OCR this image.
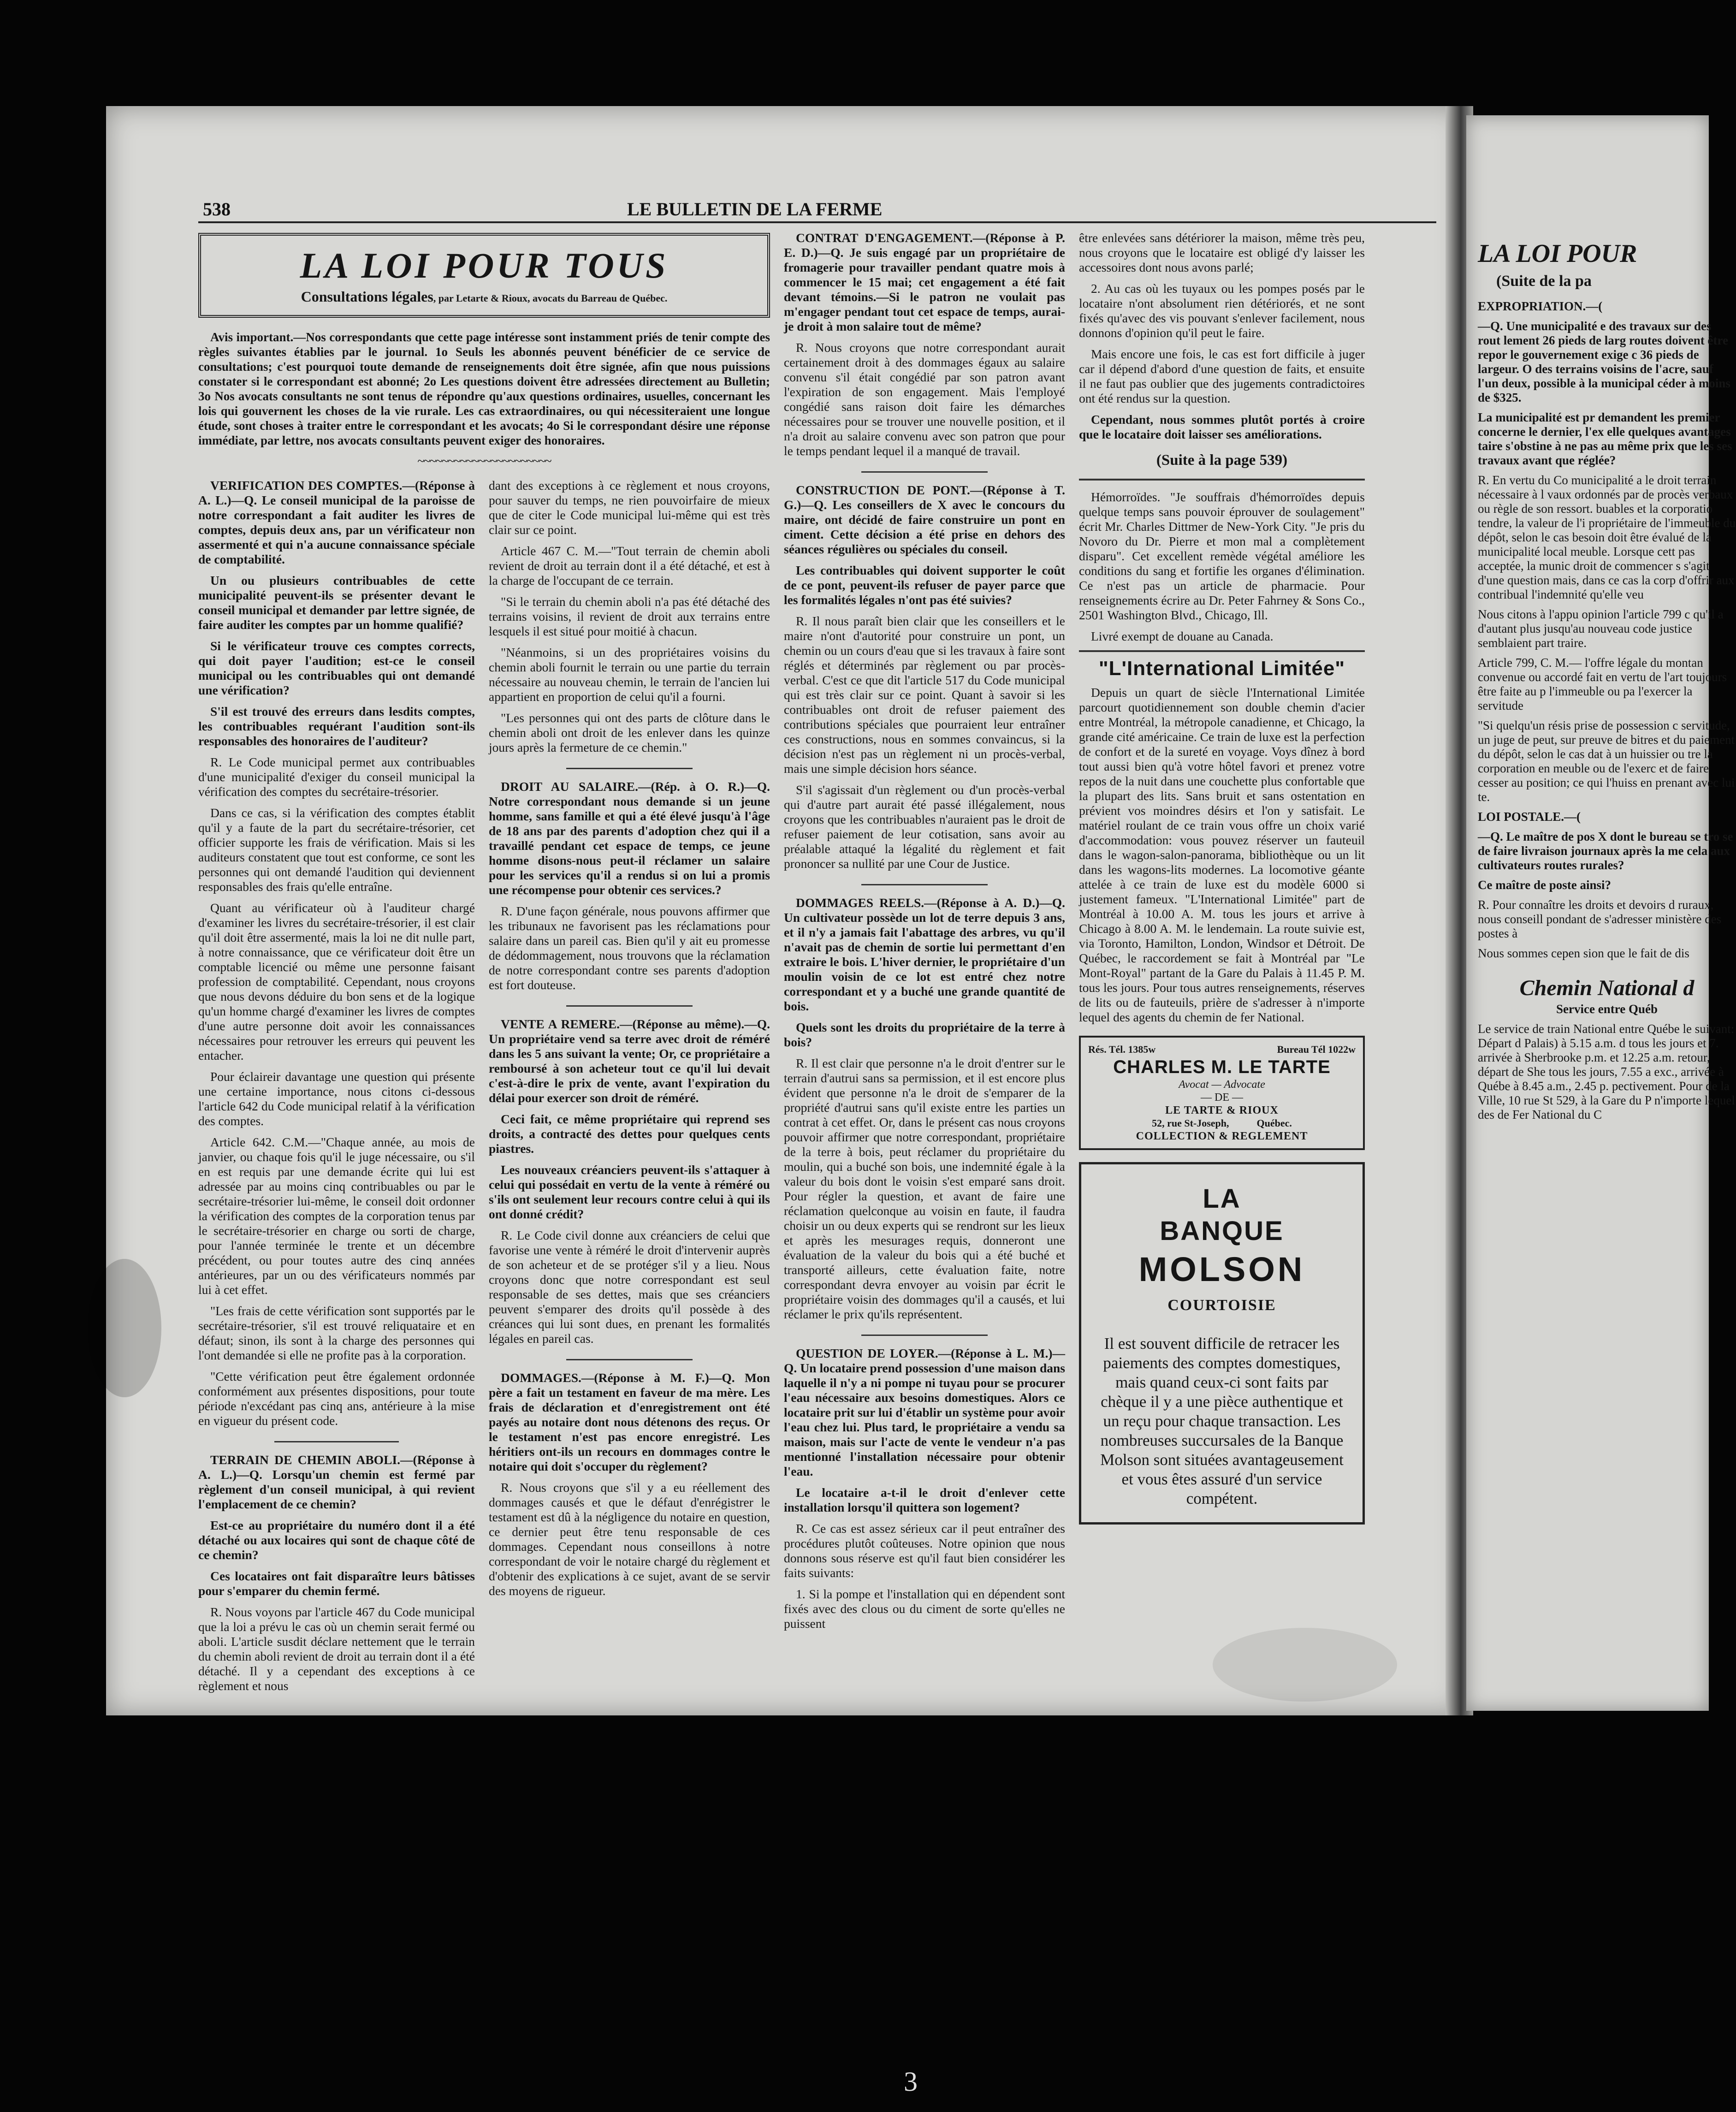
538	LE BULLETIN DE LA FERME
LA LOI POUR TOUS
Consultations légales, par Letarte & Rioux, avocats du Barreau de Québec.

Avis important.—Nos correspondants que cette page intéresse sont instamment priés de tenir compte des règles suivantes établies par le journal. 1o Seuls les abonnés peuvent bénéficier de ce service de consultations; c'est pourquoi toute demande de renseignements doit être signée, afin que nous puissions constater si le correspondant est abonné; 2o Les questions doivent être adressées directement au Bulletin; 3o Nos avocats consultants ne sont tenus de répondre qu'aux questions ordinaires, usuelles, concernant les lois qui gouvernent les choses de la vie rurale. Les cas extraordinaires, ou qui nécessiteraient une longue étude, sont choses à traiter entre le correspondant et les avocats; 4o Si le correspondant désire une réponse immédiate, par lettre, nos avocats consultants peuvent exiger des honoraires.

~~~~~~~~~~~~~~~~~~~~~~

VERIFICATION DES COMPTES.—(Réponse à A. L.)—Q. Le conseil municipal de la paroisse de notre correspondant a fait auditer les livres de comptes, depuis deux ans, par un vérificateur non assermenté et qui n'a aucune connaissance spéciale de comptabilité.

Un ou plusieurs contribuables de cette municipalité peuvent-ils se présenter devant le conseil municipal et demander par lettre signée, de faire auditer les comptes par un homme qualifié?

Si le vérificateur trouve ces comptes corrects, qui doit payer l'audition; est-ce le conseil municipal ou les contribuables qui ont demandé une vérification?

S'il est trouvé des erreurs dans lesdits comptes, les contribuables requérant l'audition sont-ils responsables des honoraires de l'auditeur?

R. Le Code municipal permet aux contribuables d'une municipalité d'exiger du conseil municipal la vérification des comptes du secrétaire-trésorier.

Dans ce cas, si la vérification des comptes établit qu'il y a faute de la part du secrétaire-trésorier, cet officier supporte les frais de vérification. Mais si les auditeurs constatent que tout est conforme, ce sont les personnes qui ont demandé l'audition qui deviennent responsables des frais qu'elle entraîne.

Quant au vérificateur où à l'auditeur chargé d'examiner les livres du secrétaire-trésorier, il est clair qu'il doit être assermenté, mais la loi ne dit nulle part, à notre connaissance, que ce vérificateur doit être un comptable licencié ou même une personne faisant profession de comptabilité. Cependant, nous croyons que nous devons déduire du bon sens et de la logique qu'un homme chargé d'examiner les livres de comptes d'une autre personne doit avoir les connaissances nécessaires pour retrouver les erreurs qui peuvent les entacher.

Pour éclaireir davantage une question qui présente une certaine importance, nous citons ci-dessous l'article 642 du Code municipal relatif à la vérification des comptes.

Article 642. C.M.—"Chaque année, au mois de janvier, ou chaque fois qu'il le juge nécessaire, ou s'il en est requis par une demande écrite qui lui est adressée par au moins cinq contribuables ou par le secrétaire-trésorier lui-même, le conseil doit ordonner la vérification des comptes de la corporation tenus par le secrétaire-trésorier en charge ou sorti de charge, pour l'année terminée le trente et un décembre précédent, ou pour toutes autre des cinq années antérieures, par un ou des vérificateurs nommés par lui à cet effet.

"Les frais de cette vérification sont supportés par le secrétaire-trésorier, s'il est trouvé reliquataire et en défaut; sinon, ils sont à la charge des personnes qui l'ont demandée si elle ne profite pas à la corporation.

"Cette vérification peut être également ordonnée conformément aux présentes dispositions, pour toute période n'excédant pas cinq ans, antérieure à la mise en vigueur du présent code.

TERRAIN DE CHEMIN ABOLI.—(Réponse à A. L.)—Q. Lorsqu'un chemin est fermé par règlement d'un conseil municipal, à qui revient l'emplacement de ce chemin?

Est-ce au propriétaire du numéro dont il a été détaché ou aux locaires qui sont de chaque côté de ce chemin?

Ces locataires ont fait disparaître leurs bâtisses pour s'emparer du chemin fermé.

R. Nous voyons par l'article 467 du Code municipal que la loi a prévu le cas où un chemin serait fermé ou aboli. L'article susdit déclare nettement que le terrain du chemin aboli revient de droit au terrain dont il a été détaché. Il y a cependant des exceptions à ce règlement et nous

dant des exceptions à ce règlement et nous croyons, pour sauver du temps, ne rien pouvoirfaire de mieux que de citer le Code municipal lui-même qui est très clair sur ce point.

Article 467 C. M.—"Tout terrain de chemin aboli revient de droit au terrain dont il a été détaché, et est à la charge de l'occupant de ce terrain.

"Si le terrain du chemin aboli n'a pas été détaché des terrains voisins, il revient de droit aux terrains entre lesquels il est situé pour moitié à chacun.

"Néanmoins, si un des propriétaires voisins du chemin aboli fournit le terrain ou une partie du terrain nécessaire au nouveau chemin, le terrain de l'ancien lui appartient en proportion de celui qu'il a fourni.

"Les personnes qui ont des parts de clôture dans le chemin aboli ont droit de les enlever dans les quinze jours après la fermeture de ce chemin."

DROIT AU SALAIRE.—(Rép. à O. R.)—Q. Notre correspondant nous demande si un jeune homme, sans famille et qui a été élevé jusqu'à l'âge de 18 ans par des parents d'adoption chez qui il a travaillé pendant cet espace de temps, ce jeune homme disons-nous peut-il réclamer un salaire pour les services qu'il a rendus si on lui a promis une récompense pour obtenir ces services.?

R. D'une façon générale, nous pouvons affirmer que les tribunaux ne favorisent pas les réclamations pour salaire dans un pareil cas. Bien qu'il y ait eu promesse de dédommagement, nous trouvons que la réclamation de notre correspondant contre ses parents d'adoption est fort douteuse.

VENTE A REMERE.—(Réponse au même).—Q. Un propriétaire vend sa terre avec droit de réméré dans les 5 ans suivant la vente; Or, ce propriétaire a remboursé à son acheteur tout ce qu'il lui devait c'est-à-dire le prix de vente, avant l'expiration du délai pour exercer son droit de réméré.

Ceci fait, ce même propriétaire qui reprend ses droits, a contracté des dettes pour quelques cents piastres.

Les nouveaux créanciers peuvent-ils s'attaquer à celui qui possédait en vertu de la vente à réméré ou s'ils ont seulement leur recours contre celui à qui ils ont donné crédit?

R. Le Code civil donne aux créanciers de celui que favorise une vente à réméré le droit d'intervenir auprès de son acheteur et de se protéger s'il y a lieu. Nous croyons donc que notre correspondant est seul responsable de ses dettes, mais que ses créanciers peuvent s'emparer des droits qu'il possède à des créances qui lui sont dues, en prenant les formalités légales en pareil cas.

DOMMAGES.—(Réponse à M. F.)—Q. Mon père a fait un testament en faveur de ma mère. Les frais de déclaration et d'enregistrement ont été payés au notaire dont nous détenons des reçus. Or le testament n'est pas encore enregistré. Les héritiers ont-ils un recours en dommages contre le notaire qui doit s'occuper du règlement?

R. Nous croyons que s'il y a eu réellement des dommages causés et que le défaut d'enrégistrer le testament est dû à la négligence du notaire en question, ce dernier peut être tenu responsable de ces dommages. Cependant nous conseillons à notre correspondant de voir le notaire chargé du règlement et d'obtenir des explications à ce sujet, avant de se servir des moyens de rigueur.

CONTRAT D'ENGAGEMENT.—(Réponse à P. E. D.)—Q. Je suis engagé par un propriétaire de fromagerie pour travailler pendant quatre mois à commencer le 15 mai; cet engagement a été fait devant témoins.—Si le patron ne voulait pas m'engager pendant tout cet espace de temps, aurai-je droit à mon salaire tout de même?

R. Nous croyons que notre correspondant aurait certainement droit à des dommages égaux au salaire convenu s'il était congédié par son patron avant l'expiration de son engagement. Mais l'employé congédié sans raison doit faire les démarches nécessaires pour se trouver une nouvelle position, et il n'a droit au salaire convenu avec son patron que pour le temps pendant lequel il a manqué de travail.

CONSTRUCTION DE PONT.—(Réponse à T. G.)—Q. Les conseillers de X avec le concours du maire, ont décidé de faire construire un pont en ciment. Cette décision a été prise en dehors des séances régulières ou spéciales du conseil.

Les contribuables qui doivent supporter le coût de ce pont, peuvent-ils refuser de payer parce que les formalités légales n'ont pas été suivies?

R. Il nous paraît bien clair que les conseillers et le maire n'ont d'autorité pour construire un pont, un chemin ou un cours d'eau que si les travaux à faire sont réglés et déterminés par règlement ou par procès-verbal. C'est ce que dit l'article 517 du Code municipal qui est très clair sur ce point. Quant à savoir si les contribuables ont droit de refuser paiement des contributions spéciales que pourraient leur entraîner ces constructions, nous en sommes convaincus, si la décision n'est pas un règlement ni un procès-verbal, mais une simple décision hors séance.

S'il s'agissait d'un règlement ou d'un procès-verbal qui d'autre part aurait été passé illégalement, nous croyons que les contribuables n'auraient pas le droit de refuser paiement de leur cotisation, sans avoir au préalable attaqué la légalité du règlement et fait prononcer sa nullité par une Cour de Justice.

DOMMAGES REELS.—(Réponse à A. D.)—Q. Un cultivateur possède un lot de terre depuis 3 ans, et il n'y a jamais fait l'abattage des arbres, vu qu'il n'avait pas de chemin de sortie lui permettant d'en extraire le bois. L'hiver dernier, le propriétaire d'un moulin voisin de ce lot est entré chez notre correspondant et y a buché une grande quantité de bois.

Quels sont les droits du propriétaire de la terre à bois?

R. Il est clair que personne n'a le droit d'entrer sur le terrain d'autrui sans sa permission, et il est encore plus évident que personne n'a le droit de s'emparer de la propriété d'autrui sans qu'il existe entre les parties un contrat à cet effet. Or, dans le présent cas nous croyons pouvoir affirmer que notre correspondant, propriétaire de la terre à bois, peut réclamer du propriétaire du moulin, qui a buché son bois, une indemnité égale à la valeur du bois dont le voisin s'est emparé sans droit. Pour régler la question, et avant de faire une réclamation quelconque au voisin en faute, il faudra choisir un ou deux experts qui se rendront sur les lieux et après les mesurages requis, donneront une évaluation de la valeur du bois qui a été buché et transporté ailleurs, cette évaluation faite, notre correspondant devra envoyer au voisin par écrit le propriétaire voisin des dommages qu'il a causés, et lui réclamer le prix qu'ils représentent.

QUESTION DE LOYER.—(Réponse à L. M.)—Q. Un locataire prend possession d'une maison dans laquelle il n'y a ni pompe ni tuyau pour se procurer l'eau nécessaire aux besoins domestiques. Alors ce locataire prit sur lui d'établir un système pour avoir l'eau chez lui. Plus tard, le propriétaire a vendu sa maison, mais sur l'acte de vente le vendeur n'a pas mentionné l'installation nécessaire pour obtenir l'eau.

Le locataire a-t-il le droit d'enlever cette installation lorsqu'il quittera son logement?

R. Ce cas est assez sérieux car il peut entraîner des procédures plutôt coûteuses. Notre opinion que nous donnons sous réserve est qu'il faut bien considérer les faits suivants:

1. Si la pompe et l'installation qui en dépendent sont fixés avec des clous ou du ciment de sorte qu'elles ne puissent

être enlevées sans détériorer la maison, même très peu, nous croyons que le locataire est obligé d'y laisser les accessoires dont nous avons parlé;

2. Au cas où les tuyaux ou les pompes posés par le locataire n'ont absolument rien détériorés, et ne sont fixés qu'avec des vis pouvant s'enlever facilement, nous donnons d'opinion qu'il peut le faire.

Mais encore une fois, le cas est fort difficile à juger car il dépend d'abord d'une question de faits, et ensuite il ne faut pas oublier que des jugements contradictoires ont été rendus sur la question.

Cependant, nous sommes plutôt portés à croire que le locataire doit laisser ses améliorations.

(Suite à la page 539)

Hémorroïdes. "Je souffrais d'hémorroïdes depuis quelque temps sans pouvoir éprouver de soulagement" écrit Mr. Charles Dittmer de New-York City. "Je pris du Novoro du Dr. Pierre et mon mal a complètement disparu". Cet excellent remède végétal améliore les conditions du sang et fortifie les organes d'élimination. Ce n'est pas un article de pharmacie. Pour renseignements écrire au Dr. Peter Fahrney & Sons Co., 2501 Washington Blvd., Chicago, Ill.

Livré exempt de douane au Canada.

"L'International Limitée"

Depuis un quart de siècle l'International Limitée parcourt quotidiennement son double chemin d'acier entre Montréal, la métropole canadienne, et Chicago, la grande cité américaine. Ce train de luxe est la perfection de confort et de la sureté en voyage. Voys dînez à bord tout aussi bien qu'à votre hôtel favori et prenez votre repos de la nuit dans une couchette plus confortable que la plupart des lits. Sans bruit et sans ostentation en prévient vos moindres désirs et l'on y satisfait. Le matériel roulant de ce train vous offre un choix varié d'accommodation: vous pouvez réserver un fauteuil dans le wagon-salon-panorama, bibliothèque ou un lit dans les wagons-lits modernes. La locomotive géante attelée à ce train de luxe est du modèle 6000 si justement fameux. "L'International Limitée" part de Montréal à 10.00 A. M. tous les jours et arrive à Chicago à 8.00 A. M. le lendemain. La route suivie est, via Toronto, Hamilton, London, Windsor et Détroit. De Québec, le raccordement se fait à Montréal par "Le Mont-Royal" partant de la Gare du Palais à 11.45 P. M. tous les jours. Pour tous autres renseignements, réserves de lits ou de fauteuils, prière de s'adresser à n'importe lequel des agents du chemin de fer National.

Rés. Tél. 1385w	Bureau Tél 1022w
CHARLES M. LE TARTE
Avocat — Advocate
— DE —
LE TARTE & RIOUX
52, rue St-Joseph,	Québec.
COLLECTION & REGLEMENT
LA
BANQUE
MOLSON
COURTOISIE
Il est souvent difficile de retracer les paiements des comptes domestiques, mais quand ceux-ci sont faits par chèque il y a une pièce authentique et un reçu pour chaque transaction. Les nombreuses succursales de la Banque Molson sont situées avantageusement et vous êtes assuré d'un service compétent.
LA LOI POUR
(Suite de la pa

EXPROPRIATION.—(

—Q. Une municipalité e des travaux sur des rout lement 26 pieds de larg routes doivent être repor le gouvernement exige c 36 pieds de largeur. O des terrains voisins de l'acre, sauf l'un deux, possible à la municipal céder à moins de $325.

La municipalité est pr demandent les premier concerne le dernier, l'ex elle quelques avantages taire s'obstine à ne pas au même prix que les ses travaux avant que réglée?

R. En vertu du Co municipalité a le droit terrain nécessaire à l vaux ordonnés par de procès verbaux ou règle de son ressort. buables et la corporatio tendre, la valeur de l'i propriétaire de l'immeuble du dépôt, selon le cas besoin doit être évalué de la municipalité local meuble. Lorsque cett pas acceptée, la munic droit de commencer s s'agit d'une question mais, dans ce cas la corp d'offrir aux contribual l'indemnité qu'elle veu

Nous citons à l'appu opinion l'article 799 c qu'il a d'autant plus jusqu'au nouveau code justice semblaient part traire.

Article 799, C. M.— l'offre légale du montan convenue ou accordé fait en vertu de l'art toujours être faite au p l'immeuble ou pa l'exercer la servitude

"Si quelqu'un résis prise de possession c servitude, un juge de peut, sur preuve de bitres et du paiement du dépôt, selon le cas dat à un huissier ou tre la corporation en meuble ou de l'exerc et de faire cesser au position; ce qui l'huiss en prenant avec lui te.

LOI POSTALE.—(

—Q. Le maître de pos X dont le bureau se tro se de faire livraison journaux après la me cela aux cultivateurs routes rurales?

Ce maître de poste ainsi?

R. Pour connaître les droits et devoirs d ruraux, nous conseill pondant de s'adresser ministère des postes à

Nous sommes cepen sion que le fait de dis

Chemin National d

Service entre Québ

Le service de train National entre Québe le suivant: Départ d Palais) à 5.15 a.m. d tous les jours et 7. arrivée à Sherbrooke p.m. et 12.25 a.m. retour, départ de She tous les jours, 7.55 a exc., arrivée à Québe à 8.45 a.m., 2.45 p. pectivement. Pour de la Ville, 10 rue St 529, à la Gare du P n'importe lequel des de Fer National du C

3
